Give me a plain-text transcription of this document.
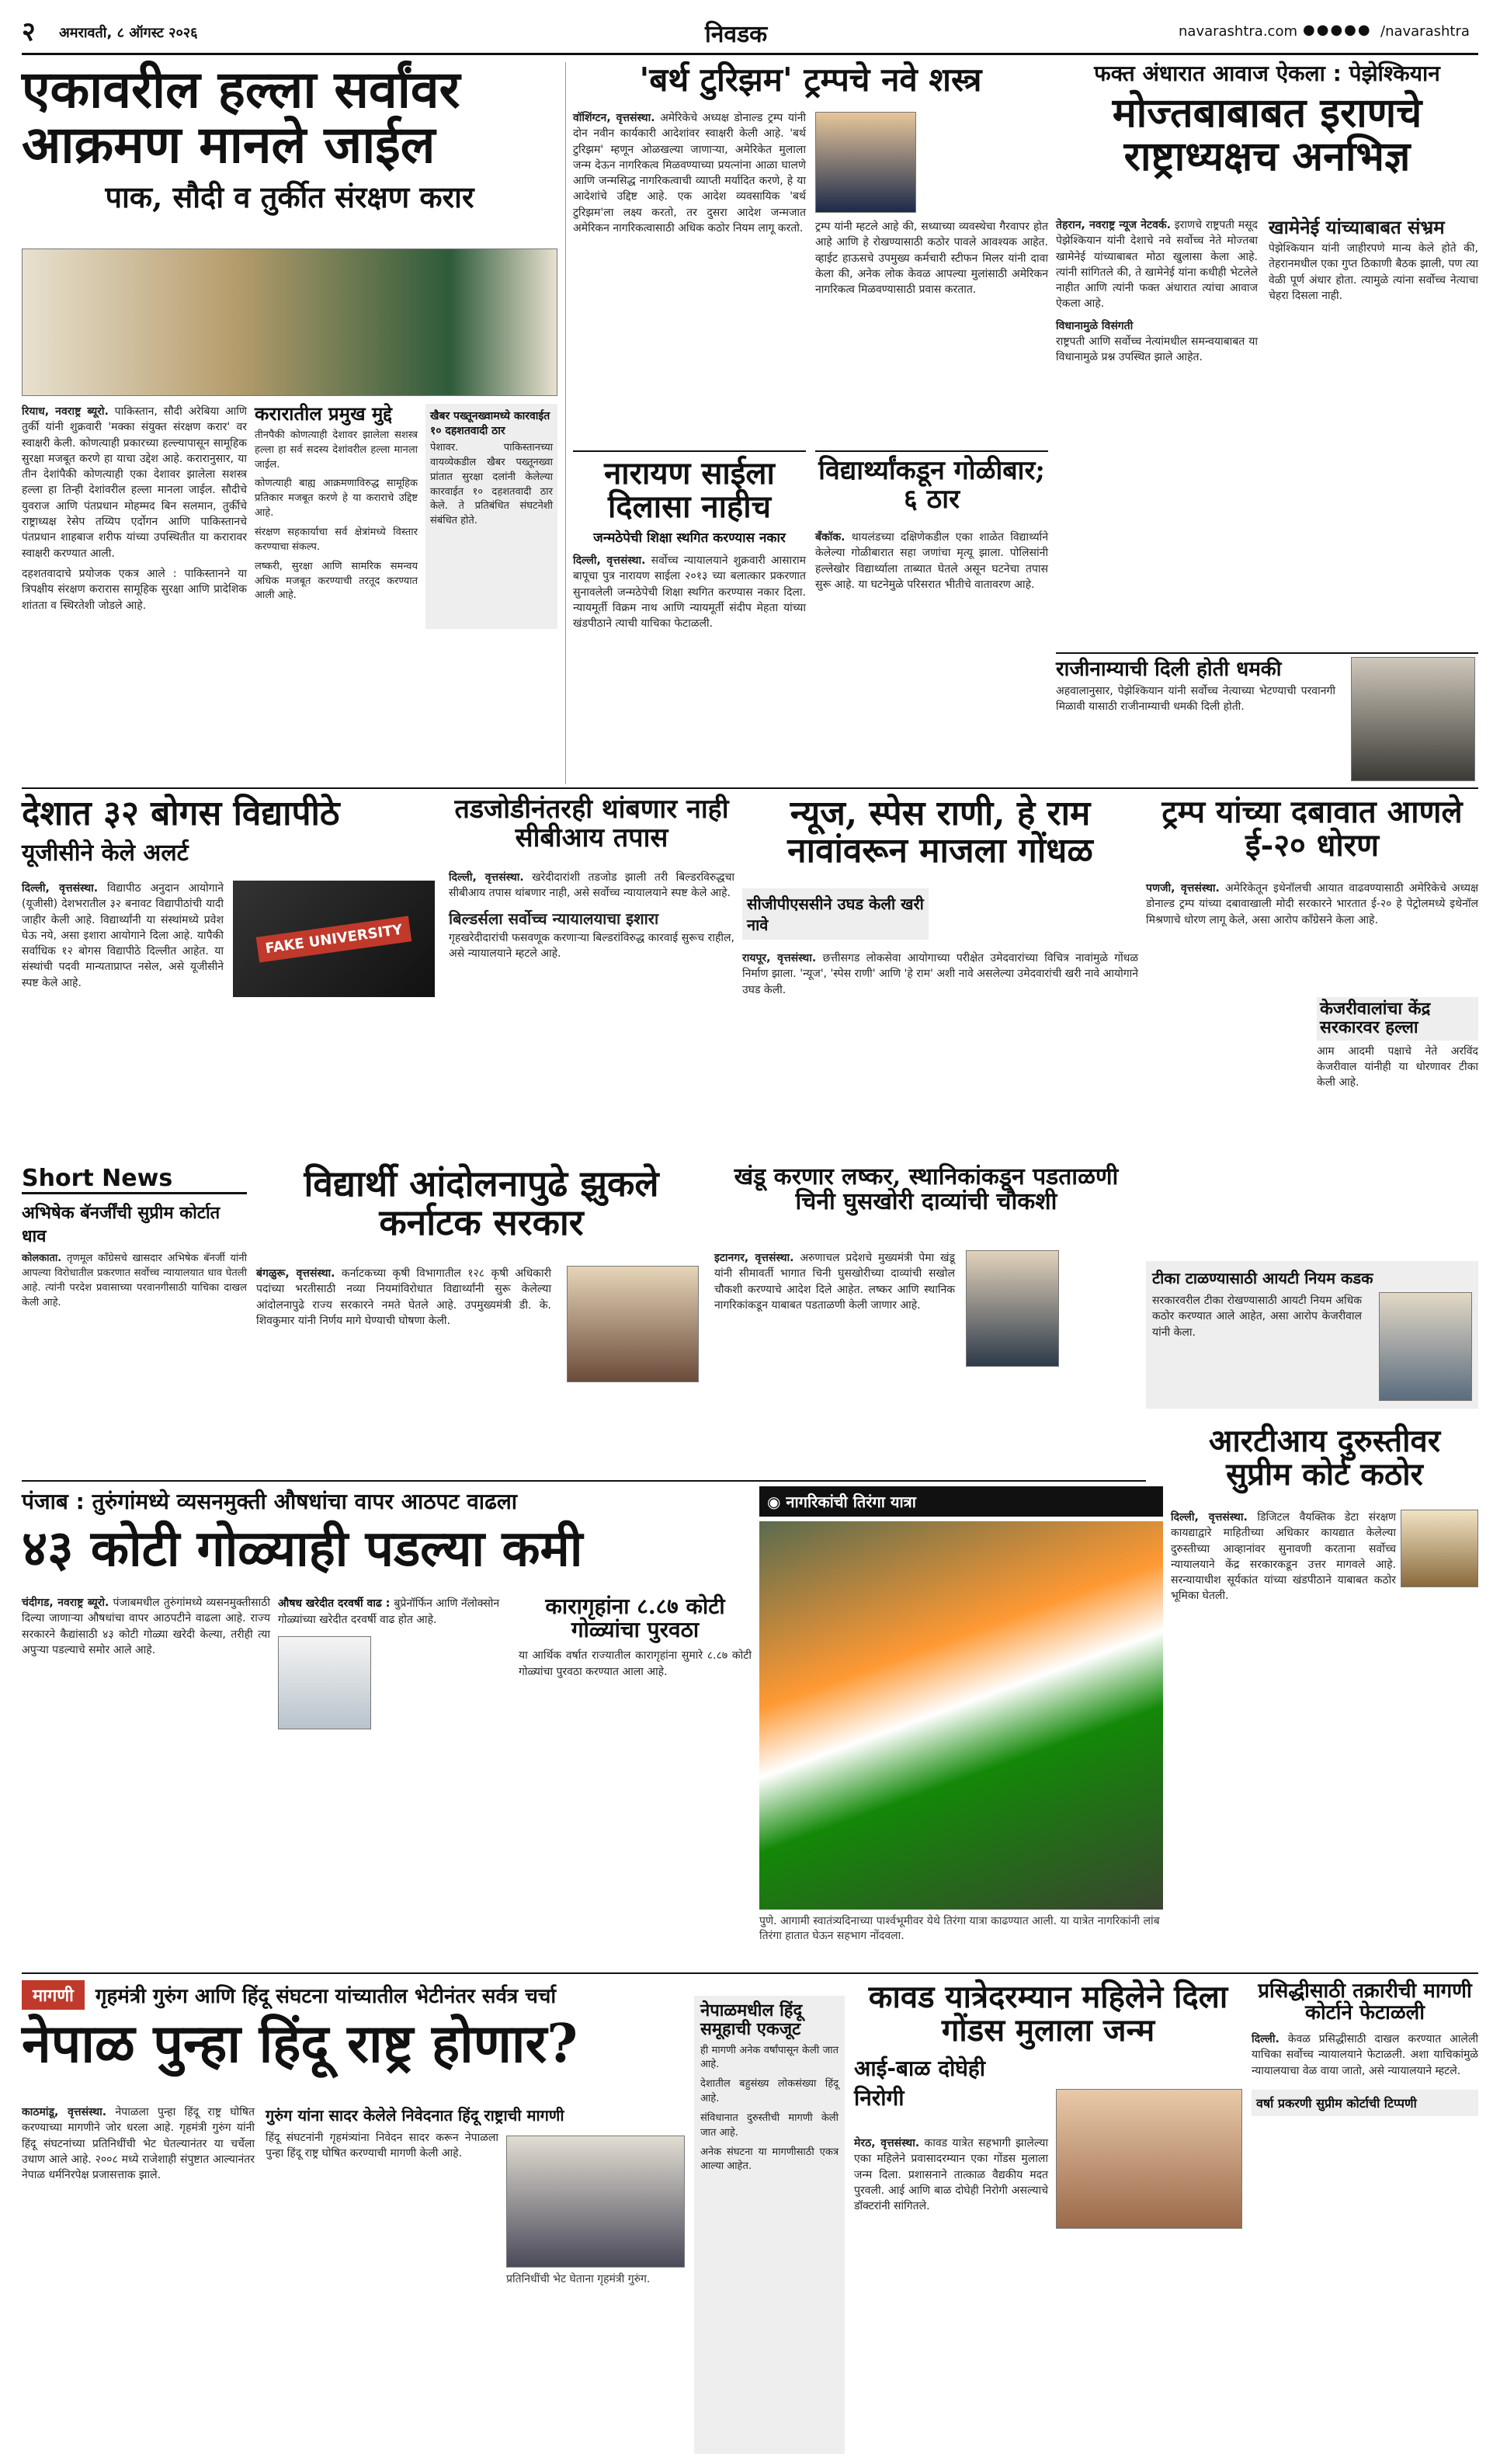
२ अमरावती, ८ ऑगस्ट २०२६	निवडक	navarashtra.com ●●●●● /navarashtra
एकावरील हल्ला सर्वांवर आक्रमण मानले जाईल
पाक, सौदी व तुर्कीत संरक्षण करार
रियाध, नवराष्ट्र ब्यूरो. पाकिस्तान, सौदी अरेबिया आणि तुर्की यांनी शुक्रवारी 'मक्का संयुक्त संरक्षण करार' वर स्वाक्षरी केली. कोणत्याही प्रकारच्या हल्ल्यापासून सामूहिक सुरक्षा मजबूत करणे हा याचा उद्देश आहे. करारानुसार, या तीन देशांपैकी कोणत्याही एका देशावर झालेला सशस्त्र हल्ला हा तिन्ही देशांवरील हल्ला मानला जाईल. सौदीचे युवराज आणि पंतप्रधान मोहम्मद बिन सलमान, तुर्कीचे राष्ट्राध्यक्ष रेसेप तय्यिप एर्दोगन आणि पाकिस्तानचे पंतप्रधान शाहबाज शरीफ यांच्या उपस्थितीत या करारावर स्वाक्षरी करण्यात आली.

दहशतवादाचे प्रयोजक एकत्र आले : पाकिस्तानने या त्रिपक्षीय संरक्षण करारास सामूहिक सुरक्षा आणि प्रादेशिक शांतता व स्थिरतेशी जोडले आहे.

करारातील प्रमुख मुद्दे

तीनपैकी कोणत्याही देशावर झालेला सशस्त्र हल्ला हा सर्व सदस्य देशांवरील हल्ला मानला जाईल.

कोणत्याही बाह्य आक्रमणाविरुद्ध सामूहिक प्रतिकार मजबूत करणे हे या कराराचे उद्दिष्ट आहे.

संरक्षण सहकार्याचा सर्व क्षेत्रांमध्ये विस्तार करण्याचा संकल्प.

लष्करी, सुरक्षा आणि सामरिक समन्वय अधिक मजबूत करण्याची तरतूद करण्यात आली आहे.

खैबर पख्तूनख्वामध्ये कारवाईत १० दहशतवादी ठार
पेशावर. पाकिस्तानच्या वायव्येकडील खैबर पख्तूनख्वा प्रांतात सुरक्षा दलांनी केलेल्या कारवाईत १० दहशतवादी ठार केले. ते प्रतिबंधित संघटनेशी संबंधित होते.
'बर्थ टुरिझम' ट्रम्पचे नवे शस्त्र
वॉशिंग्टन, वृत्तसंस्था. अमेरिकेचे अध्यक्ष डोनाल्ड ट्रम्प यांनी दोन नवीन कार्यकारी आदेशांवर स्वाक्षरी केली आहे. 'बर्थ टुरिझम' म्हणून ओळखल्या जाणाऱ्या, अमेरिकेत मुलाला जन्म देऊन नागरिकत्व मिळवण्याच्या प्रयत्नांना आळा घालणे आणि जन्मसिद्ध नागरिकत्वाची व्याप्ती मर्यादित करणे, हे या आदेशांचे उद्दिष्ट आहे. एक आदेश व्यवसायिक 'बर्थ टुरिझम'ला लक्ष्य करतो, तर दुसरा आदेश जन्मजात अमेरिकन नागरिकत्वासाठी अधिक कठोर नियम लागू करतो. ट्रम्प यांनी म्हटले आहे की, सध्याच्या व्यवस्थेचा गैरवापर होत आहे आणि हे रोखण्यासाठी कठोर पावले आवश्यक आहेत. व्हाईट हाऊसचे उपमुख्य कर्मचारी स्टीफन मिलर यांनी दावा केला की, अनेक लोक केवळ आपल्या मुलांसाठी अमेरिकन नागरिकत्व मिळवण्यासाठी प्रवास करतात.
फक्त अंधारात आवाज ऐकला : पेझेश्कियान
मोज्तबाबाबत इराणचे राष्ट्राध्यक्षच अनभिज्ञ
तेहरान, नवराष्ट्र न्यूज नेटवर्क. इराणचे राष्ट्रपती मसूद पेझेश्कियान यांनी देशाचे नवे सर्वोच्च नेते मोज्तबा खामेनेई यांच्याबाबत मोठा खुलासा केला आहे. त्यांनी सांगितले की, ते खामेनेई यांना कधीही भेटलेले नाहीत आणि त्यांनी फक्त अंधारात त्यांचा आवाज ऐकला आहे.

विधानामुळे विसंगती

राष्ट्रपती आणि सर्वोच्च नेत्यांमधील समन्वयाबाबत या विधानामुळे प्रश्न उपस्थित झाले आहेत.

खामेनेई यांच्याबाबत संभ्रम
पेझेश्कियान यांनी जाहीरपणे मान्य केले होते की, तेहरानमधील एका गुप्त ठिकाणी बैठक झाली, पण त्या वेळी पूर्ण अंधार होता. त्यामुळे त्यांना सर्वोच्च नेत्याचा चेहरा दिसला नाही.
राजीनाम्याची दिली होती धमकी
अहवालानुसार, पेझेश्कियान यांनी सर्वोच्च नेत्याच्या भेटण्याची परवानगी मिळावी यासाठी राजीनाम्याची धमकी दिली होती.
नारायण साईला दिलासा नाहीच
जन्मठेपेची शिक्षा स्थगित करण्यास नकार
दिल्ली, वृत्तसंस्था. सर्वोच्च न्यायालयाने शुक्रवारी आसाराम बापूचा पुत्र नारायण साईला २०१३ च्या बलात्कार प्रकरणात सुनावलेली जन्मठेपेची शिक्षा स्थगित करण्यास नकार दिला. न्यायमूर्ती विक्रम नाथ आणि न्यायमूर्ती संदीप मेहता यांच्या खंडपीठाने त्याची याचिका फेटाळली.
विद्यार्थ्यांकडून गोळीबार; ६ ठार
बँकॉक. थायलंडच्या दक्षिणेकडील एका शाळेत विद्यार्थ्याने केलेल्या गोळीबारात सहा जणांचा मृत्यू झाला. पोलिसांनी हल्लेखोर विद्यार्थ्याला ताब्यात घेतले असून घटनेचा तपास सुरू आहे. या घटनेमुळे परिसरात भीतीचे वातावरण आहे.
देशात ३२ बोगस विद्यापीठे
यूजीसीने केले अलर्ट
दिल्ली, वृत्तसंस्था. विद्यापीठ अनुदान आयोगाने (यूजीसी) देशभरातील ३२ बनावट विद्यापीठांची यादी जाहीर केली आहे. विद्यार्थ्यांनी या संस्थांमध्ये प्रवेश घेऊ नये, असा इशारा आयोगाने दिला आहे. यापैकी सर्वाधिक १२ बोगस विद्यापीठे दिल्लीत आहेत. या संस्थांची पदवी मान्यताप्राप्त नसेल, असे यूजीसीने स्पष्ट केले आहे.
FAKE UNIVERSITY
तडजोडीनंतरही थांबणार नाही सीबीआय तपास
दिल्ली, वृत्तसंस्था. खरेदीदारांशी तडजोड झाली तरी बिल्डरविरुद्धचा सीबीआय तपास थांबणार नाही, असे सर्वोच्च न्यायालयाने स्पष्ट केले आहे.

बिल्डर्सला सर्वोच्च न्यायालयाचा इशारा

गृहखरेदीदारांची फसवणूक करणाऱ्या बिल्डरांविरुद्ध कारवाई सुरूच राहील, असे न्यायालयाने म्हटले आहे.

न्यूज, स्पेस राणी, हे राम नावांवरून माजला गोंधळ
सीजीपीएससीने उघड केली खरी नावे
रायपूर, वृत्तसंस्था. छत्तीसगड लोकसेवा आयोगाच्या परीक्षेत उमेदवारांच्या विचित्र नावांमुळे गोंधळ निर्माण झाला. 'न्यूज', 'स्पेस राणी' आणि 'हे राम' अशी नावे असलेल्या उमेदवारांची खरी नावे आयोगाने उघड केली.
ट्रम्प यांच्या दबावात आणले ई-२० धोरण
पणजी, वृत्तसंस्था. अमेरिकेतून इथेनॉलची आयात वाढवण्यासाठी अमेरिकेचे अध्यक्ष डोनाल्ड ट्रम्प यांच्या दबावाखाली मोदी सरकारने भारतात ई-२० हे पेट्रोलमध्ये इथेनॉल मिश्रणाचे धोरण लागू केले, असा आरोप काँग्रेसने केला आहे.
केजरीवालांचा केंद्र सरकारवर हल्ला
आम आदमी पक्षाचे नेते अरविंद केजरीवाल यांनीही या धोरणावर टीका केली आहे.
टीका टाळण्यासाठी आयटी नियम कडक
सरकारवरील टीका रोखण्यासाठी आयटी नियम अधिक कठोर करण्यात आले आहेत, असा आरोप केजरीवाल यांनी केला.
Short News
अभिषेक बॅनर्जींची सुप्रीम कोर्टात धाव
कोलकाता. तृणमूल काँग्रेसचे खासदार अभिषेक बॅनर्जी यांनी आपल्या विरोधातील प्रकरणात सर्वोच्च न्यायालयात धाव घेतली आहे. त्यांनी परदेश प्रवासाच्या परवानगीसाठी याचिका दाखल केली आहे.
विद्यार्थी आंदोलनापुढे झुकले कर्नाटक सरकार
बंगळुरू, वृत्तसंस्था. कर्नाटकच्या कृषी विभागातील १२८ कृषी अधिकारी पदांच्या भरतीसाठी नव्या नियमांविरोधात विद्यार्थ्यांनी सुरू केलेल्या आंदोलनापुढे राज्य सरकारने नमते घेतले आहे. उपमुख्यमंत्री डी. के. शिवकुमार यांनी निर्णय मागे घेण्याची घोषणा केली.
खंडू करणार लष्कर, स्थानिकांकडून पडताळणी चिनी घुसखोरी दाव्यांची चौकशी
इटानगर, वृत्तसंस्था. अरुणाचल प्रदेशचे मुख्यमंत्री पेमा खंडू यांनी सीमावर्ती भागात चिनी घुसखोरीच्या दाव्यांची सखोल चौकशी करण्याचे आदेश दिले आहेत. लष्कर आणि स्थानिक नागरिकांकडून याबाबत पडताळणी केली जाणार आहे.
पंजाब : तुरुंगांमध्ये व्यसनमुक्ती औषधांचा वापर आठपट वाढला
४३ कोटी गोळ्याही पडल्या कमी
चंदीगड, नवराष्ट्र ब्यूरो. पंजाबमधील तुरुंगांमध्ये व्यसनमुक्तीसाठी दिल्या जाणाऱ्या औषधांचा वापर आठपटीने वाढला आहे. राज्य सरकारने कैद्यांसाठी ४३ कोटी गोळ्या खरेदी केल्या, तरीही त्या अपुऱ्या पडल्याचे समोर आले आहे.
औषध खरेदीत दरवर्षी वाढ : बुप्रेनॉर्फिन आणि नॅलोक्सोन गोळ्यांच्या खरेदीत दरवर्षी वाढ होत आहे.
कारागृहांना ८.८७ कोटी गोळ्यांचा पुरवठा
या आर्थिक वर्षात राज्यातील कारागृहांना सुमारे ८.८७ कोटी गोळ्यांचा पुरवठा करण्यात आला आहे.
◉ नागरिकांची तिरंगा यात्रा
पुणे. आगामी स्वातंत्र्यदिनाच्या पार्श्वभूमीवर येथे तिरंगा यात्रा काढण्यात आली. या यात्रेत नागरिकांनी लांब तिरंगा हातात घेऊन सहभाग नोंदवला.
आरटीआय दुरुस्तीवर सुप्रीम कोर्ट कठोर
दिल्ली, वृत्तसंस्था. डिजिटल वैयक्तिक डेटा संरक्षण कायद्याद्वारे माहितीच्या अधिकार कायद्यात केलेल्या दुरुस्तीच्या आव्हानांवर सुनावणी करताना सर्वोच्च न्यायालयाने केंद्र सरकारकडून उत्तर मागवले आहे. सरन्यायाधीश सूर्यकांत यांच्या खंडपीठाने याबाबत कठोर भूमिका घेतली.
मागणी	गृहमंत्री गुरुंग आणि हिंदू संघटना यांच्यातील भेटीनंतर सर्वत्र चर्चा
नेपाळ पुन्हा हिंदू राष्ट्र होणार?
काठमांडू, वृत्तसंस्था. नेपाळला पुन्हा हिंदू राष्ट्र घोषित करण्याच्या मागणीने जोर धरला आहे. गृहमंत्री गुरुंग यांनी हिंदू संघटनांच्या प्रतिनिधींची भेट घेतल्यानंतर या चर्चेला उधाण आले आहे. २००८ मध्ये राजेशाही संपुष्टात आल्यानंतर नेपाळ धर्मनिरपेक्ष प्रजासत्ताक झाले.
गुरुंग यांना सादर केलेले निवेदनात हिंदू राष्ट्राची मागणी
हिंदू संघटनांनी गृहमंत्र्यांना निवेदन सादर करून नेपाळला पुन्हा हिंदू राष्ट्र घोषित करण्याची मागणी केली आहे.
प्रतिनिधींची भेट घेताना गृहमंत्री गुरुंग.
नेपाळमधील हिंदू समूहाची एकजूट

ही मागणी अनेक वर्षांपासून केली जात आहे.

देशातील बहुसंख्य लोकसंख्या हिंदू आहे.

संविधानात दुरुस्तीची मागणी केली जात आहे.

अनेक संघटना या मागणीसाठी एकत्र आल्या आहेत.

कावड यात्रेदरम्यान महिलेने दिला गोंडस मुलाला जन्म
आई-बाळ दोघेही निरोगी
मेरठ, वृत्तसंस्था. कावड यात्रेत सहभागी झालेल्या एका महिलेने प्रवासादरम्यान एका गोंडस मुलाला जन्म दिला. प्रशासनाने तात्काळ वैद्यकीय मदत पुरवली. आई आणि बाळ दोघेही निरोगी असल्याचे डॉक्टरांनी सांगितले.
प्रसिद्धीसाठी तक्रारीची मागणी कोर्टाने फेटाळली
दिल्ली. केवळ प्रसिद्धीसाठी दाखल करण्यात आलेली याचिका सर्वोच्च न्यायालयाने फेटाळली. अशा याचिकांमुळे न्यायालयाचा वेळ वाया जातो, असे न्यायालयाने म्हटले.
वर्षा प्रकरणी सुप्रीम कोर्टाची टिप्पणी
